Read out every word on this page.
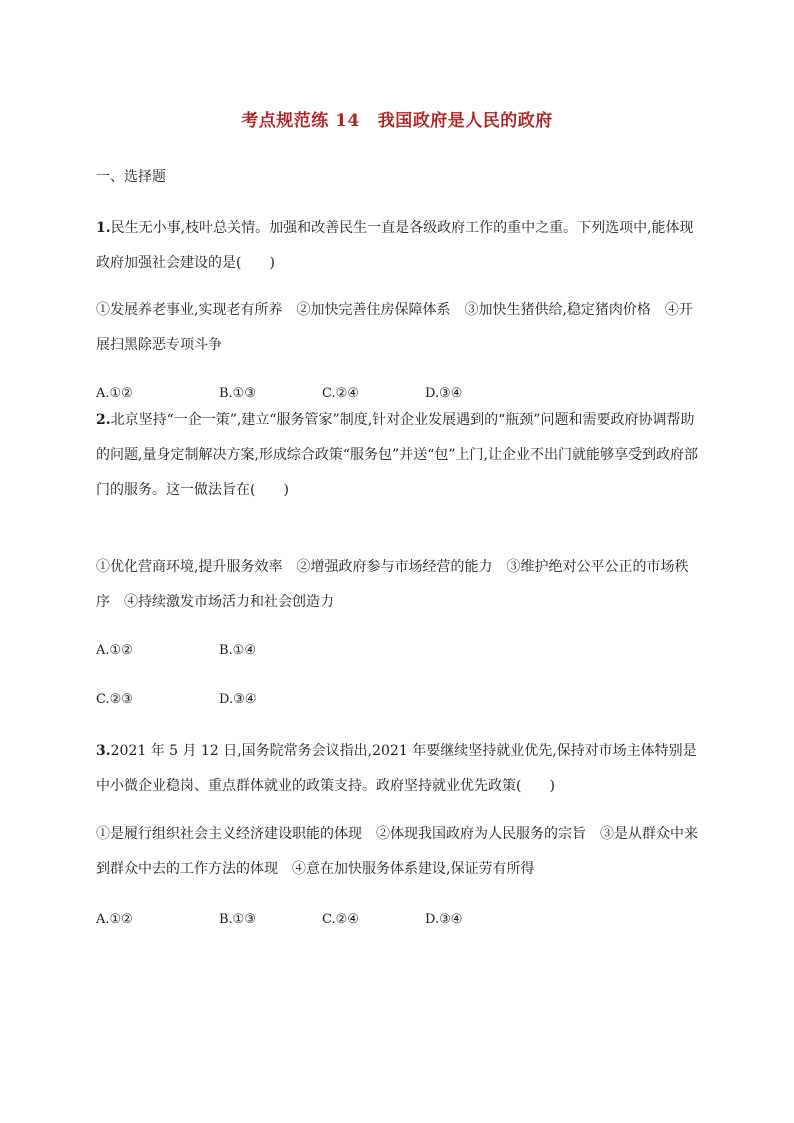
考点规范练 14 我国政府是人民的政府
一、选择题
1.民生无小事,枝叶总关情。加强和改善民生一直是各级政府工作的重中之重。下列选项中,能体现政府加强社会建设的是(　　)
①发展养老事业,实现老有所养　②加快完善住房保障体系　③加快生猪供给,稳定猪肉价格　④开展扫黑除恶专项斗争
A.①②	B.①③	C.②④	D.③④
2.北京坚持“一企一策”,建立“服务管家”制度,针对企业发展遇到的“瓶颈”问题和需要政府协调帮助的问题,量身定制解决方案,形成综合政策“服务包”并送“包”上门,让企业不出门就能够享受到政府部门的服务。这一做法旨在(　　)
①优化营商环境,提升服务效率　②增强政府参与市场经营的能力　③维护绝对公平公正的市场秩序　④持续激发市场活力和社会创造力
A.①②	B.①④
C.②③	D.③④
3.2021 年 5 月 12 日,国务院常务会议指出,2021 年要继续坚持就业优先,保持对市场主体特别是中小微企业稳岗、重点群体就业的政策支持。政府坚持就业优先政策(　　)
①是履行组织社会主义经济建设职能的体现　②体现我国政府为人民服务的宗旨　③是从群众中来到群众中去的工作方法的体现　④意在加快服务体系建设,保证劳有所得
A.①②	B.①③	C.②④	D.③④
